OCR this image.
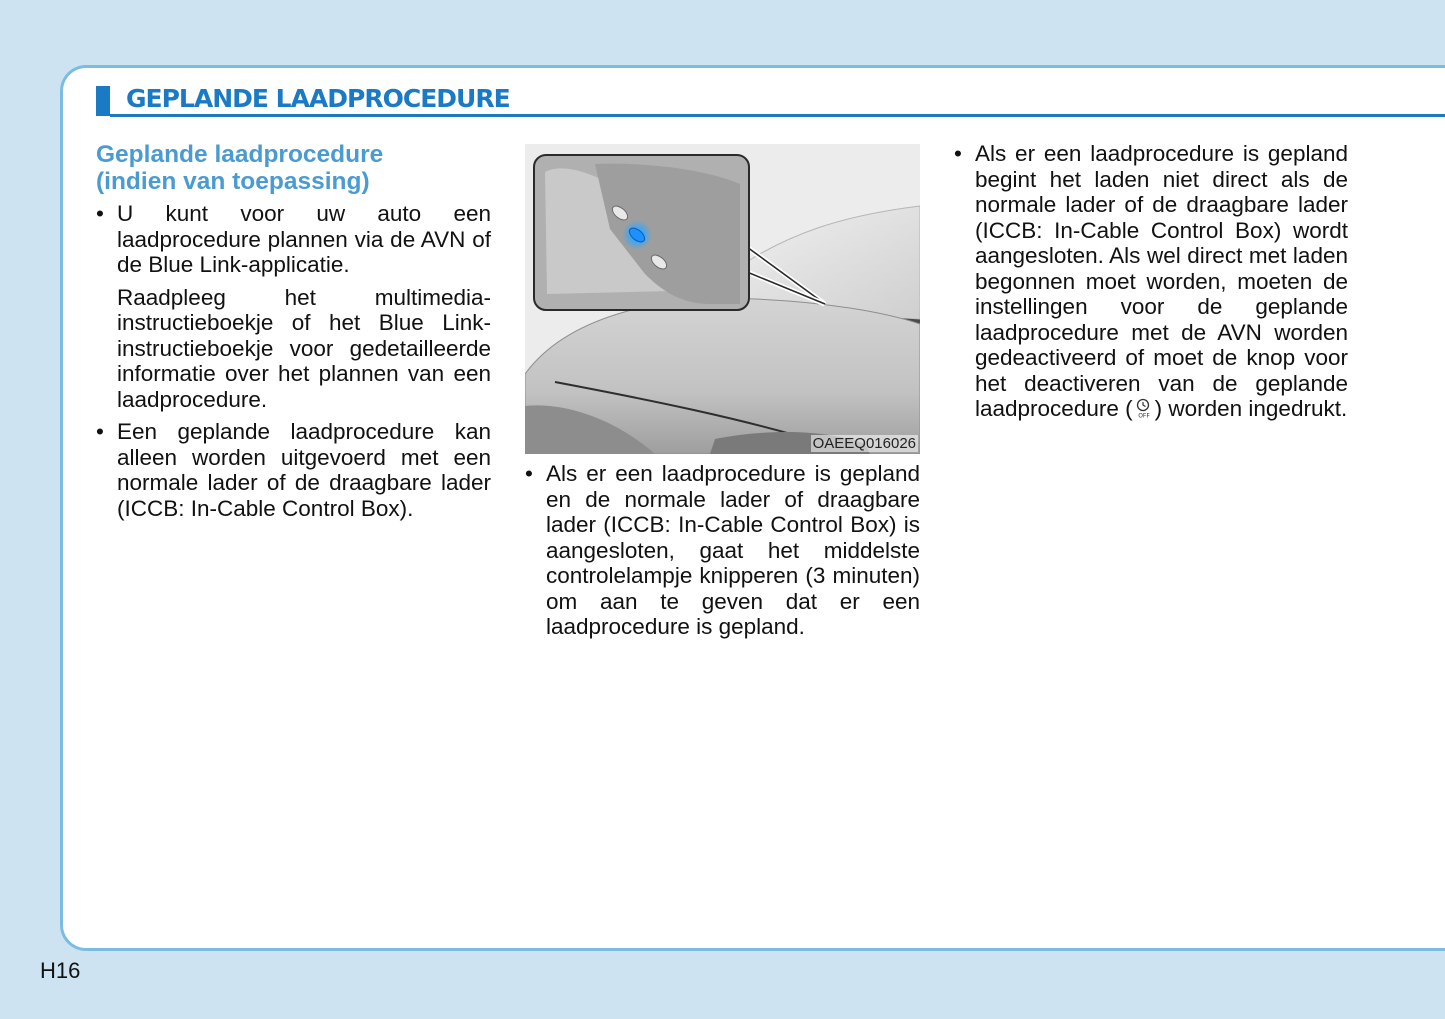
GEPLANDE LAADPROCEDURE
Geplande laadprocedure
(indien van toepassing)
• U kunt voor uw auto een laadprocedure plannen via de AVN of de Blue Link-applicatie.
Raadpleeg het multimedia-instructieboekje of het Blue Link-instructieboekje voor gedetailleerde informatie over het plannen van een laadprocedure.
• Een geplande laadprocedure kan alleen worden uitgevoerd met een normale lader of de draagbare lader (ICCB: In-Cable Control Box).
OAEEQ016026
• Als er een laadprocedure is gepland en de normale lader of draagbare lader (ICCB: In-Cable Control Box) is aangesloten, gaat het middelste controlelampje knipperen (3 minuten) om aan te geven dat er een laadprocedure is gepland.
• Als er een laadprocedure is gepland begint het laden niet direct als de normale lader of de draagbare lader (ICCB: In-Cable Control Box) wordt aangesloten. Als wel direct met laden begonnen moet worden, moeten de instellingen voor de geplande laadprocedure met de AVN worden gedeactiveerd of moet de knop voor het deactiveren van de geplande laadprocedure ( OFF ) worden ingedrukt.
H16
